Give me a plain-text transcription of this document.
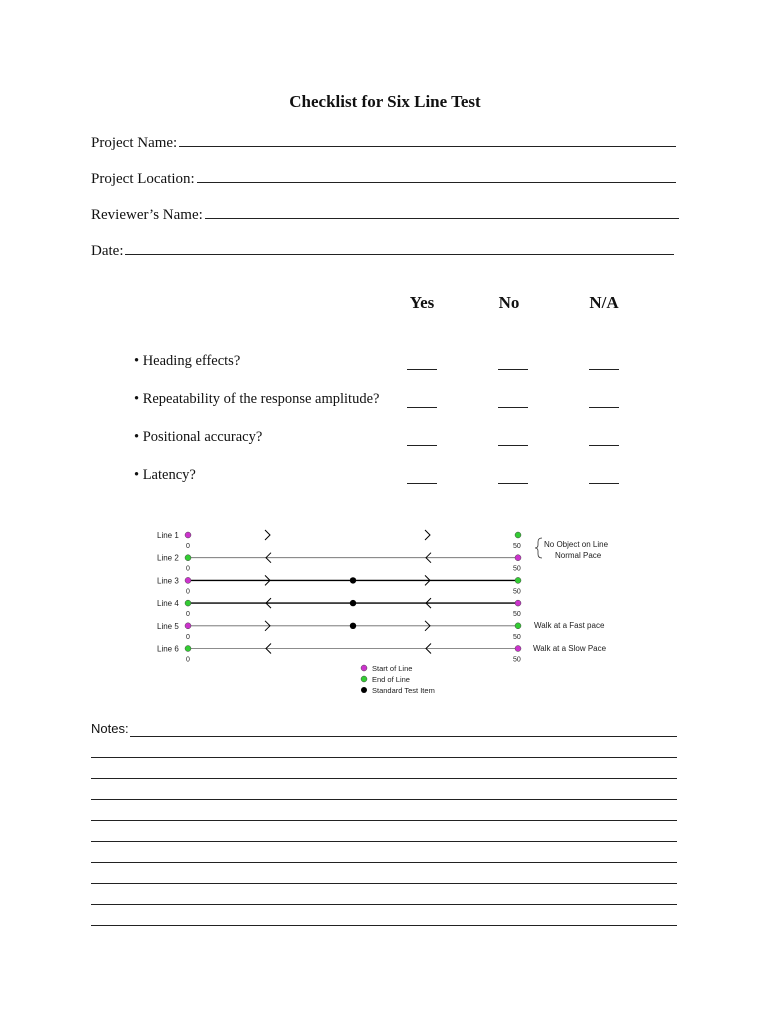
Checklist for Six Line Test
Project Name:
Project Location:
Reviewer’s Name:
Date:
Yes	No	N/A
• Heading effects?
• Repeatability of the response amplitude?
• Positional accuracy?
• Latency?
Line 1
0	50
Line 2
0	50
Line 3
0	50
Line 4
0	50
Line 5
0	50
Line 6
0	50
No Object on Line
Normal Pace
Walk at a Fast pace
Walk at a Slow Pace
Start of Line
End of Line
Standard Test Item
Notes:
